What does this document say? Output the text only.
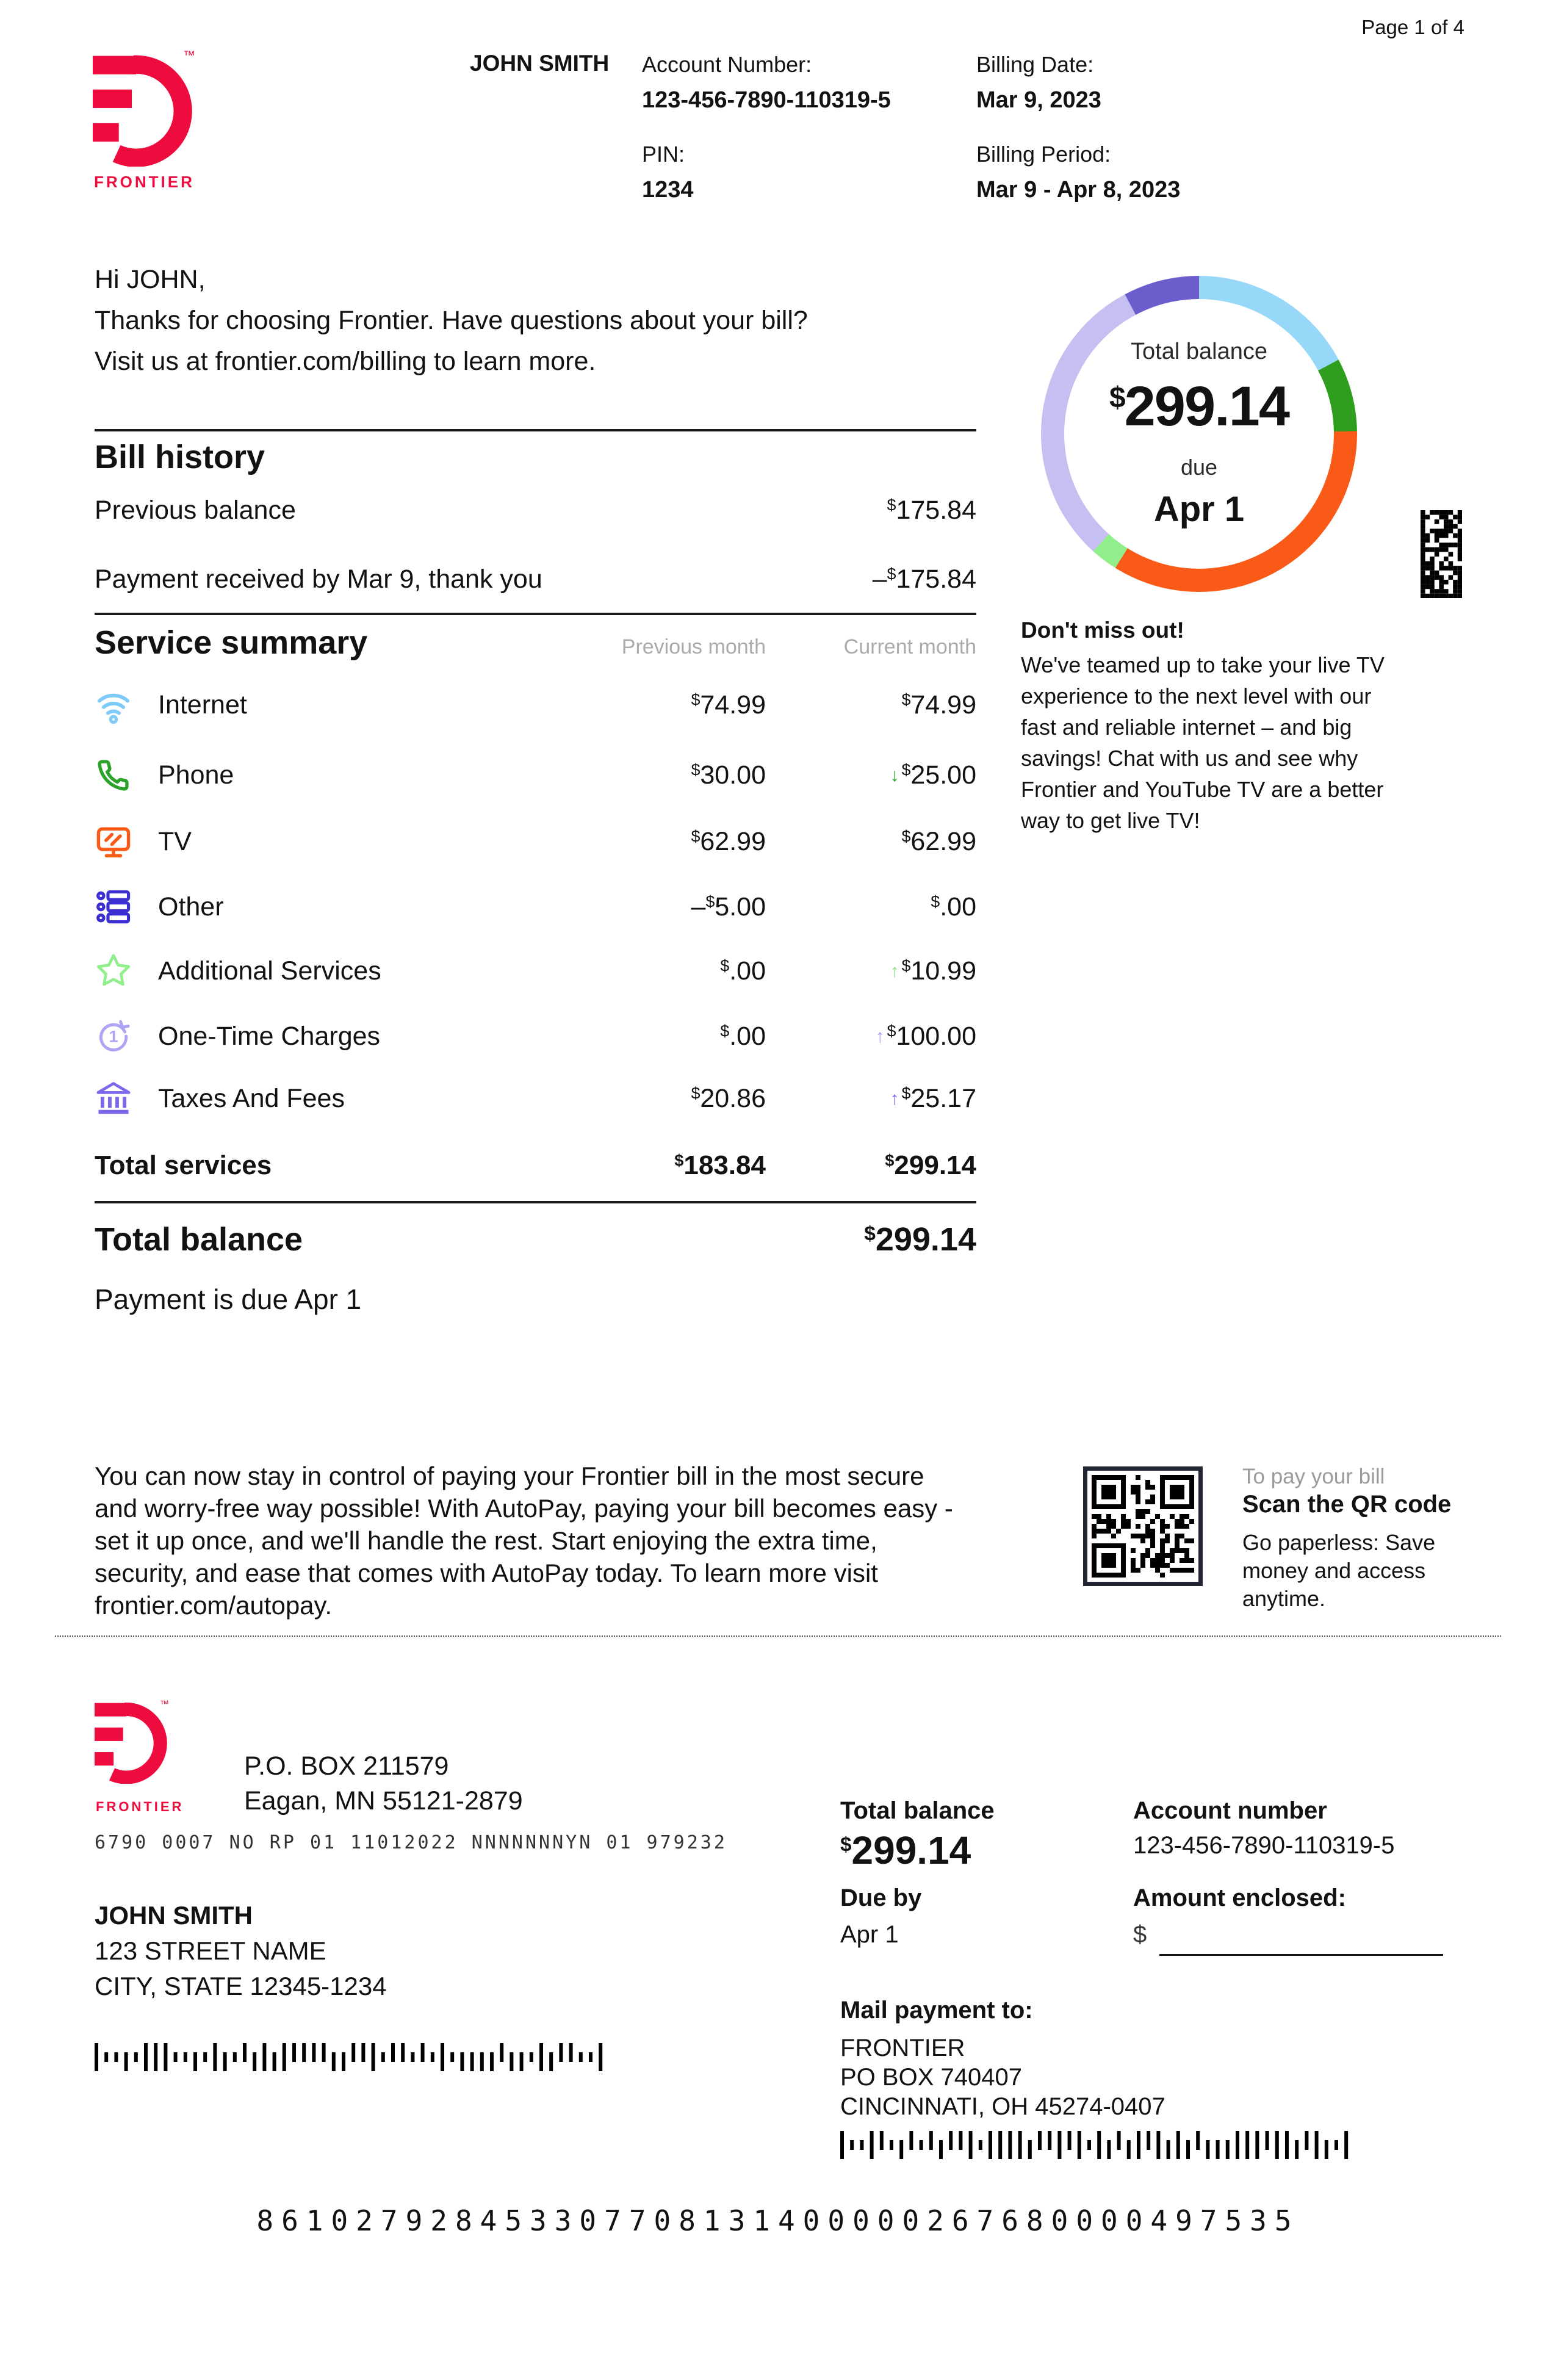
Page 1 of 4
™
FRONTIER
JOHN SMITH Account Number:
123-456-7890-110319-5
Billing Date:
Mar 9, 2023
PIN:
1234
Billing Period:
Mar 9 - Apr 8, 2023
Hi JOHN,
Thanks for choosing Frontier. Have questions about your bill?
Visit us at frontier.com/billing to learn more.	Total balance
$299.14
due
Apr 1
Bill history
Previous balance	$175.84
Payment received by Mar 9, thank you	–$175.84
Service summary	Previous month	Current month
Internet	$74.99	$74.99
Phone	$30.00	↓ $25.00
TV	$62.99	$62.99
Other	–$5.00	$.00
Additional Services	$.00	↑ $10.99
1	One-Time Charges	$.00	↑ $100.00
Taxes And Fees	$20.86	↑ $25.17
Total services	$183.84	$299.14
Total balance	$299.14
Payment is due Apr 1
Don't miss out!
We've teamed up to take your live TV experience to the next level with our fast and reliable internet – and big savings! Chat with us and see why Frontier and YouTube TV are a better way to get live TV!
You can now stay in control of paying your Frontier bill in the most secure and worry-free way possible! With AutoPay, paying your bill becomes easy -set it up once, and we'll handle the rest. Start enjoying the extra time, security, and ease that comes with AutoPay today. To learn more visit frontier.com/autopay.
To pay your bill
Scan the QR code
Go paperless: Save money and access anytime.
™
FRONTIER
P.O. BOX 211579
Eagan, MN 55121-2879
6790 0007 NO RP 01 11012022 NNNNNNNYN 01 979232
JOHN SMITH
123 STREET NAME
CITY, STATE 12345-1234
Total balance
$299.14
Account number
123-456-7890-110319-5
Due by
Apr 1
Amount enclosed:
$
Mail payment to:
FRONTIER
PO BOX 740407
CINCINNATI, OH 45274-0407
861027928453307708131400000267680000497535
